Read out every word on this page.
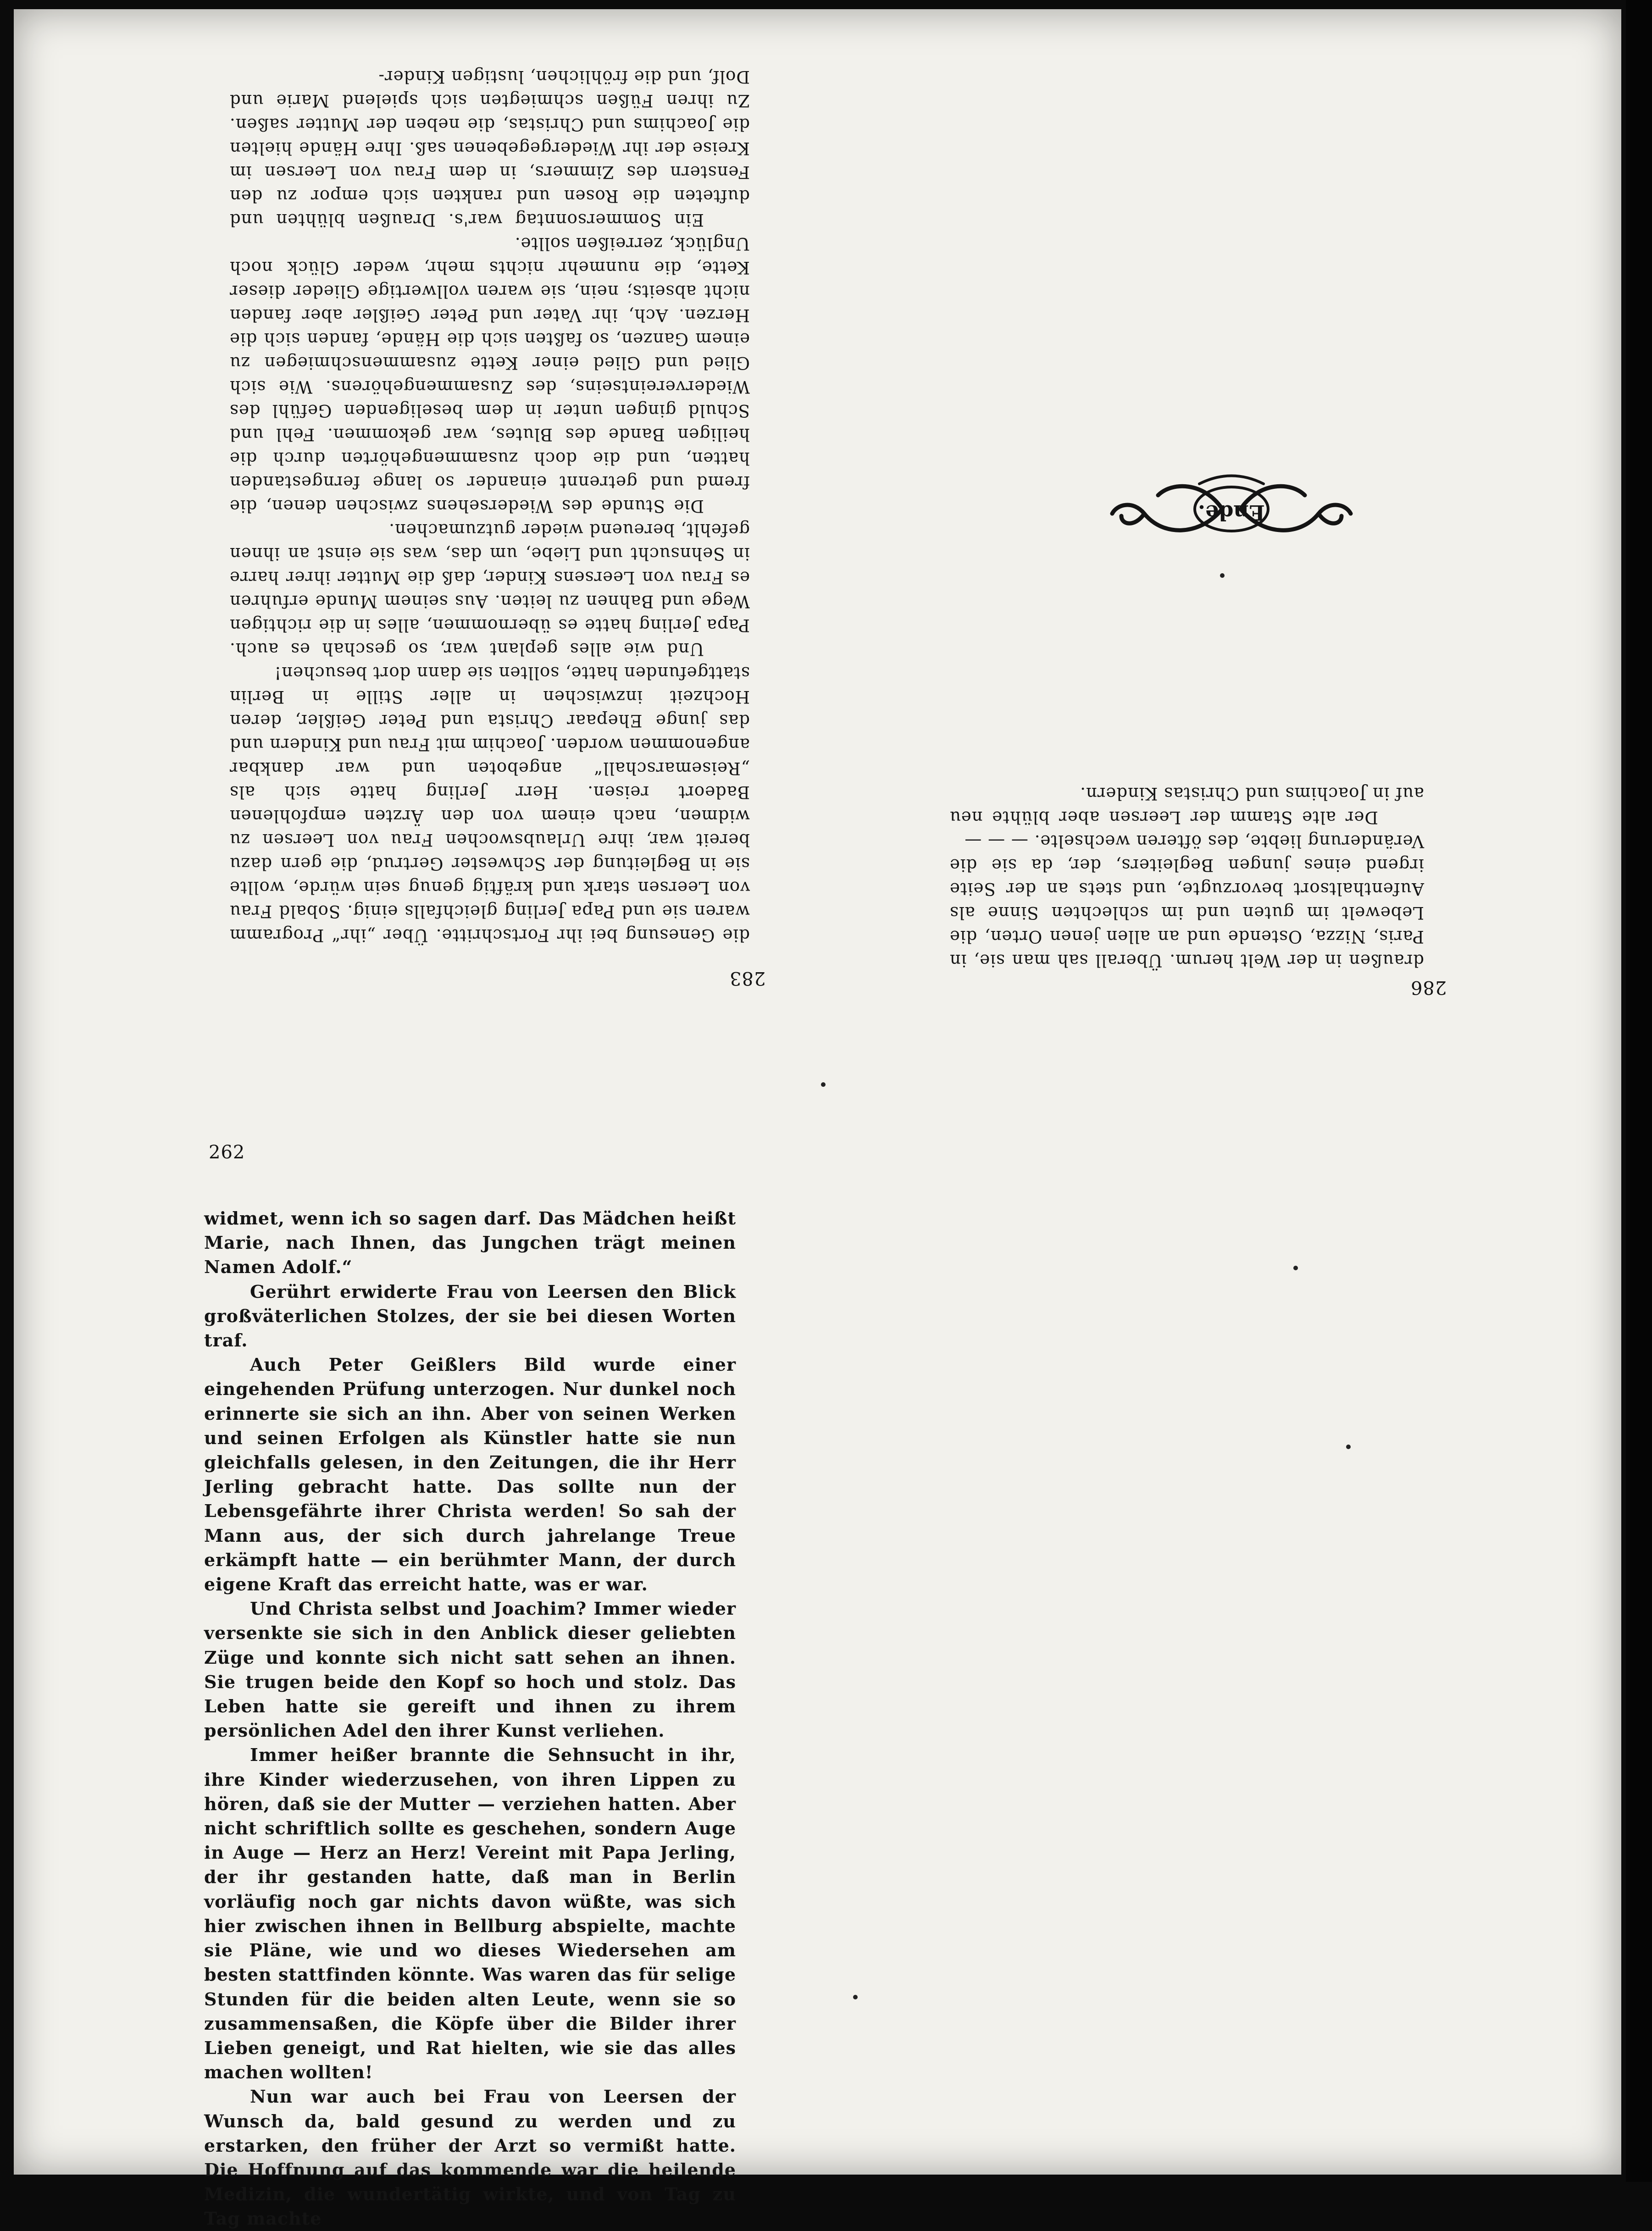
286

draußen in der Welt herum. Überall sah man sie, in Paris, Nizza, Ostende und an allen jenen Orten, die Lebewelt im guten und im schlechten Sinne als Aufenthaltsort bevorzugte, und stets an der Seite irgend eines jungen Begleiters, der, da sie die Veränderung liebte, des öfteren wechselte. — — —

Der alte Stamm der Leersen aber blühte neu auf in Joachims und Christas Kindern.

Ende.
283

die Genesung bei ihr Fortschritte. Über „ihr“ Programm waren sie und Papa Jerling gleichfalls einig. Sobald Frau von Leersen stark und kräftig genug sein würde, wollte sie in Begleitung der Schwester Gertrud, die gern dazu bereit war, ihre Urlaubswochen Frau von Leersen zu widmen, nach einem von den Ärzten empfohlenen Badeort reisen. Herr Jerling hatte sich als „Reisemarschall“ angeboten und war dankbar angenommen worden. Joachim mit Frau und Kindern und das junge Ehepaar Christa und Peter Geißler, deren Hochzeit inzwischen in aller Stille in Berlin stattgefunden hatte, sollten sie dann dort besuchen!

Und wie alles geplant war, so geschah es auch. Papa Jerling hatte es übernommen, alles in die richtigen Wege und Bahnen zu leiten. Aus seinem Munde erfuhren es Frau von Leersens Kinder, daß die Mutter ihrer harre in Sehnsucht und Liebe, um das, was sie einst an ihnen gefehlt, bereuend wieder gutzumachen.

Die Stunde des Wiedersehens zwischen denen, die fremd und getrennt einander so lange ferngestanden hatten, und die doch zusammengehörten durch die heiligen Bande des Blutes, war gekommen. Fehl und Schuld gingen unter in dem beseligenden Gefühl des Wiedervereintseins, des Zusammengehörens. Wie sich Glied und Glied einer Kette zusammenschmiegen zu einem Ganzen, so faßten sich die Hände, fanden sich die Herzen. Ach, ihr Vater und Peter Geißler aber fanden nicht abseits; nein, sie waren vollwertige Glieder dieser Kette, die nunmehr nichts mehr, weder Glück noch Unglück, zerreißen sollte.

Ein Sommersonntag war's. Draußen blühten und dufteten die Rosen und rankten sich empor zu den Fenstern des Zimmers, in dem Frau von Leersen im Kreise der ihr Wiedergegebenen saß. Ihre Hände hielten die Joachims und Christas, die neben der Mutter saßen. Zu ihren Füßen schmiegten sich spielend Marie und Dolf, und die fröhlichen, lustigen Kinder-

262

widmet, wenn ich so sagen darf. Das Mädchen heißt Marie, nach Ihnen, das Jungchen trägt meinen Namen Adolf.“

Gerührt erwiderte Frau von Leersen den Blick großväterlichen Stolzes, der sie bei diesen Worten traf.

Auch Peter Geißlers Bild wurde einer eingehenden Prüfung unterzogen. Nur dunkel noch erinnerte sie sich an ihn. Aber von seinen Werken und seinen Erfolgen als Künstler hatte sie nun gleichfalls gelesen, in den Zeitungen, die ihr Herr Jerling gebracht hatte. Das sollte nun der Lebensgefährte ihrer Christa werden! So sah der Mann aus, der sich durch jahrelange Treue erkämpft hatte — ein berühmter Mann, der durch eigene Kraft das erreicht hatte, was er war.

Und Christa selbst und Joachim? Immer wieder versenkte sie sich in den Anblick dieser geliebten Züge und konnte sich nicht satt sehen an ihnen. Sie trugen beide den Kopf so hoch und stolz. Das Leben hatte sie gereift und ihnen zu ihrem persönlichen Adel den ihrer Kunst verliehen.

Immer heißer brannte die Sehnsucht in ihr, ihre Kinder wiederzusehen, von ihren Lippen zu hören, daß sie der Mutter — verziehen hatten. Aber nicht schriftlich sollte es geschehen, sondern Auge in Auge — Herz an Herz! Vereint mit Papa Jerling, der ihr gestanden hatte, daß man in Berlin vorläufig noch gar nichts davon wüßte, was sich hier zwischen ihnen in Bellburg abspielte, machte sie Pläne, wie und wo dieses Wiedersehen am besten stattfinden könnte. Was waren das für selige Stunden für die beiden alten Leute, wenn sie so zusammensaßen, die Köpfe über die Bilder ihrer Lieben geneigt, und Rat hielten, wie sie das alles machen wollten!

Nun war auch bei Frau von Leersen der Wunsch da, bald gesund zu werden und zu erstarken, den früher der Arzt so vermißt hatte. Die Hoffnung auf das kommende war die heilende Medizin, die wundertätig wirkte, und von Tag zu Tag machte
